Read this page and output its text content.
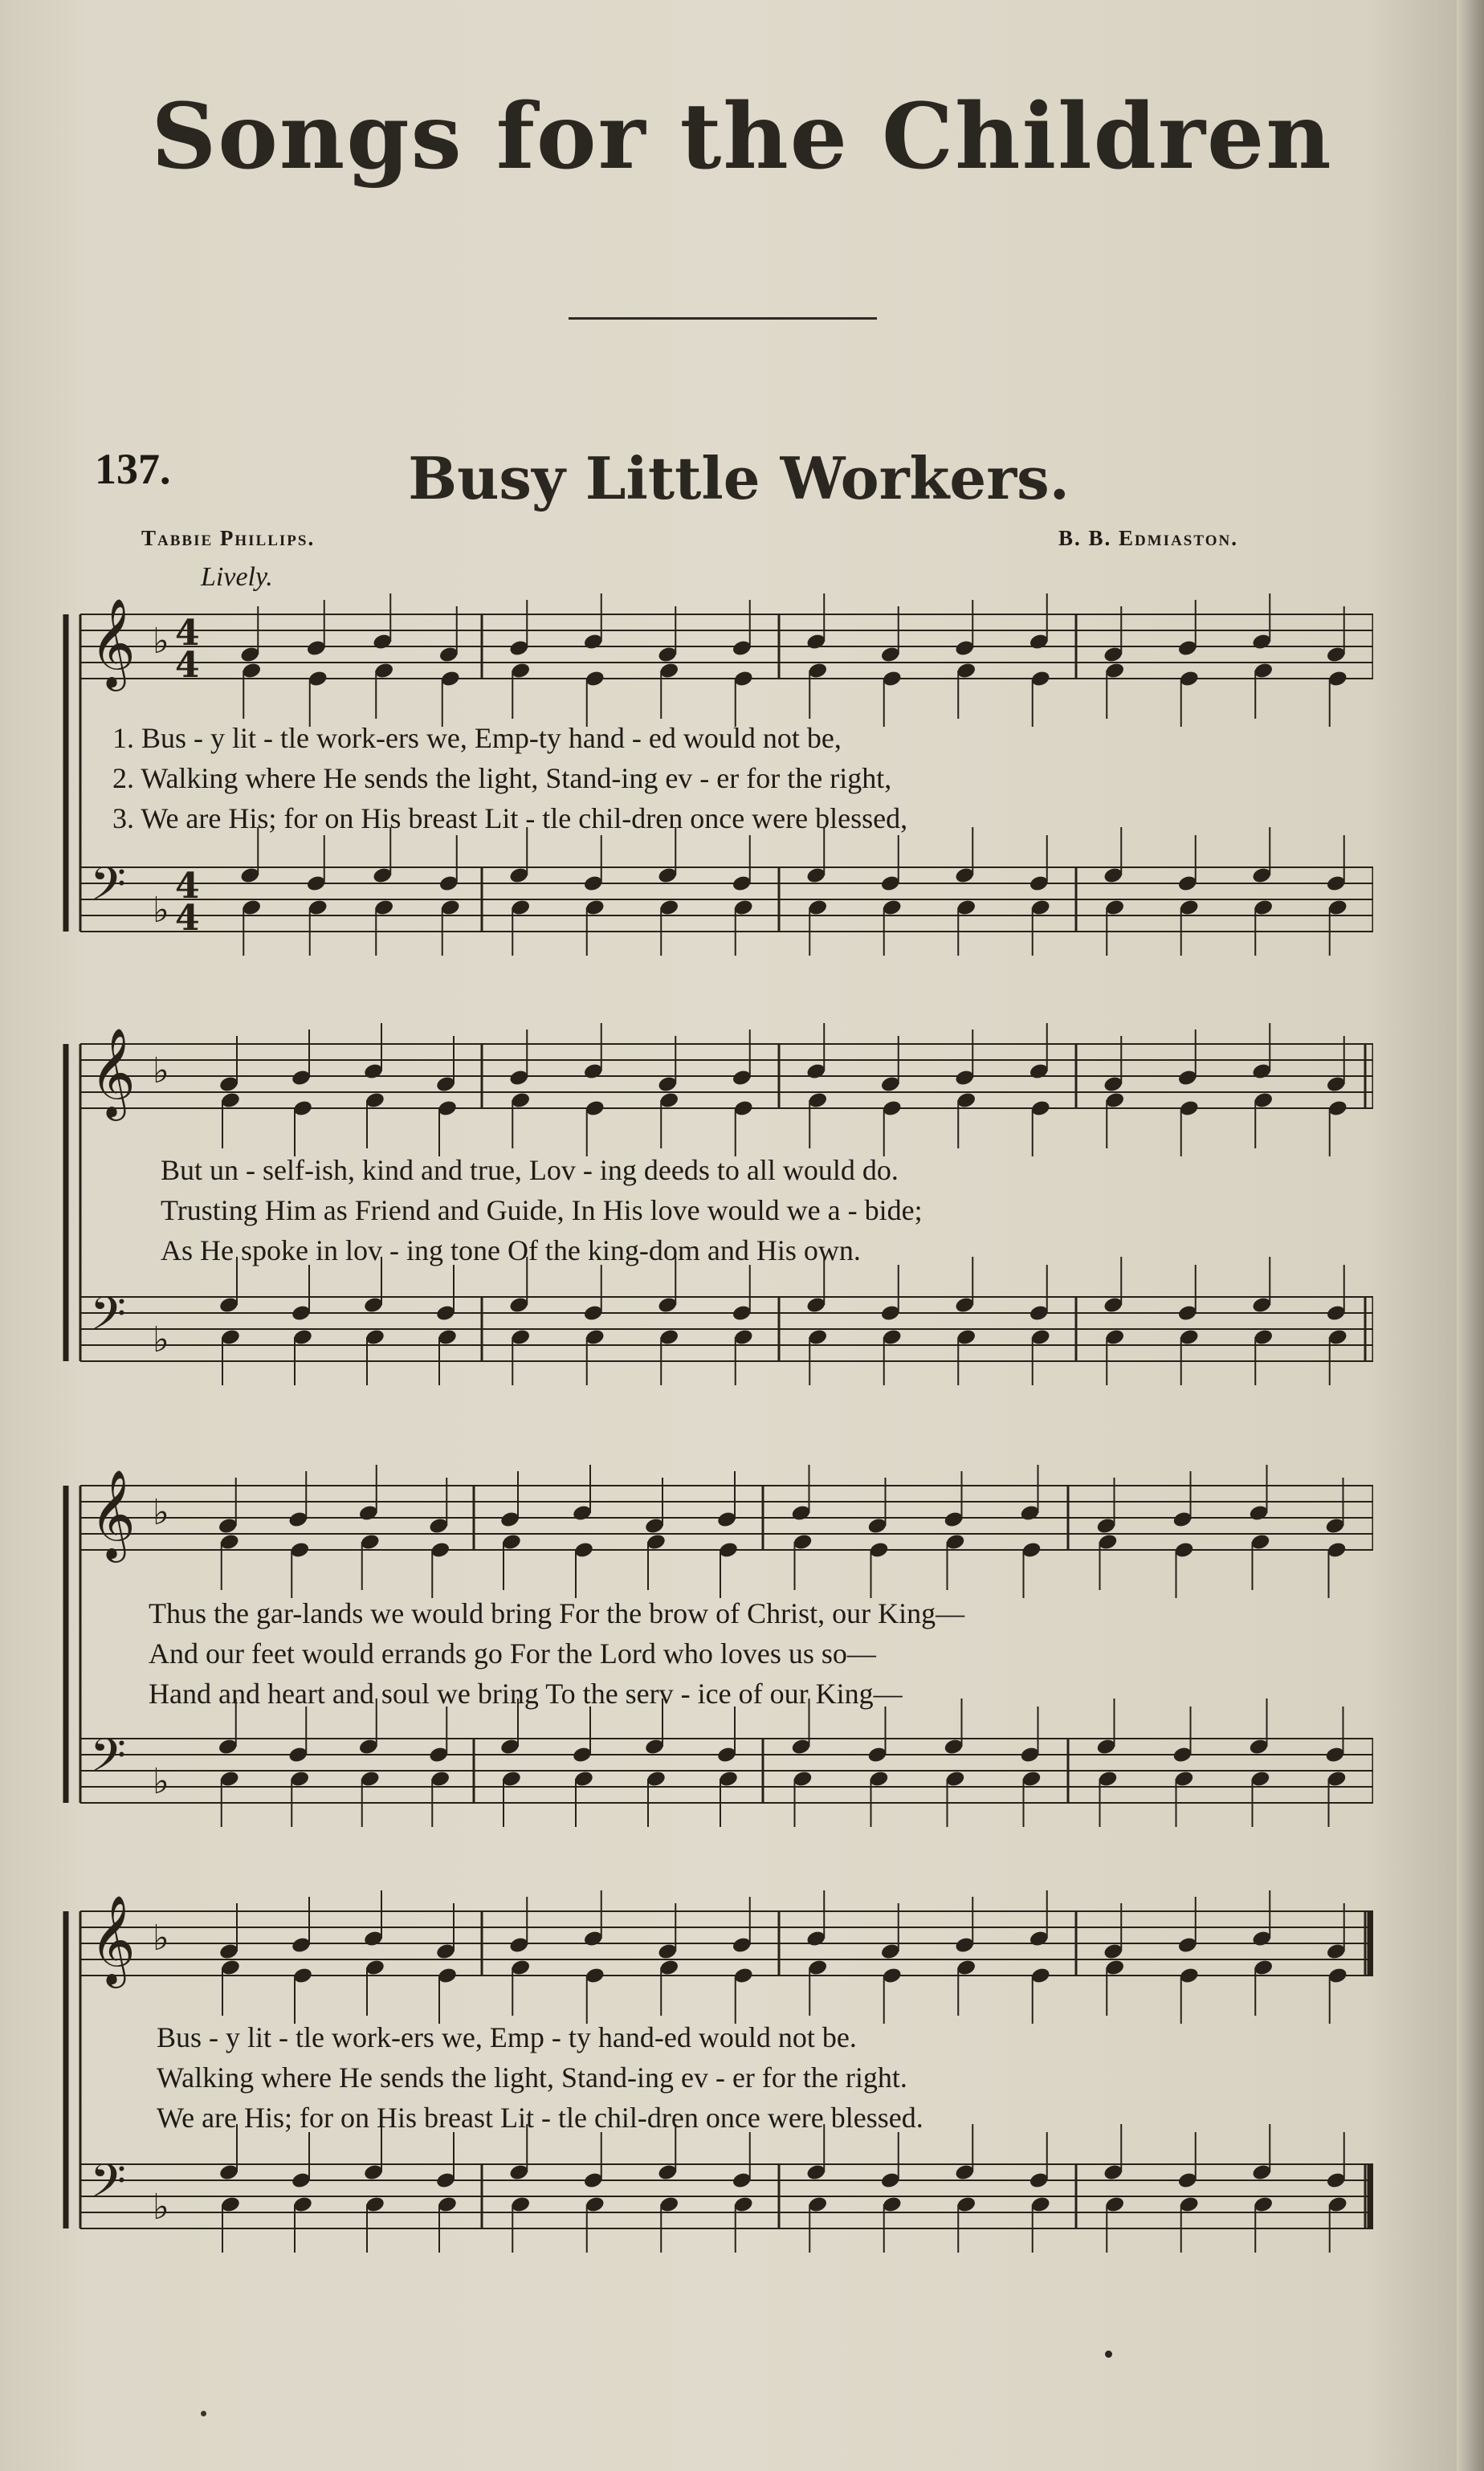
Songs for the Children
137.	Busy Little Workers.
Tabbie Phillips.	B. B. Edmiaston.
Lively.
𝄞 ♭ 4
4
𝄢 ♭
4
4
1. Bus - y lit - tle work-ers we, Emp-ty hand - ed would not be,
2. Walking where He sends the light, Stand-ing ev - er for the right,
3. We are His; for on His breast Lit - tle chil-dren once were blessed,
𝄞 ♭
𝄢 ♭
But un - self-ish, kind and true, Lov - ing deeds to all would do.
Trusting Him as Friend and Guide, In His love would we a - bide;
As He spoke in lov - ing tone Of the king-dom and His own.
𝄞 ♭
𝄢 ♭
Thus the gar-lands we would bring For the brow of Christ, our King—
And our feet would errands go For the Lord who loves us so—
Hand and heart and soul we bring To the serv - ice of our King—
𝄞 ♭
𝄢 ♭
Bus - y lit - tle work-ers we, Emp - ty hand-ed would not be.
Walking where He sends the light, Stand-ing ev - er for the right.
We are His; for on His breast Lit - tle chil-dren once were blessed.
